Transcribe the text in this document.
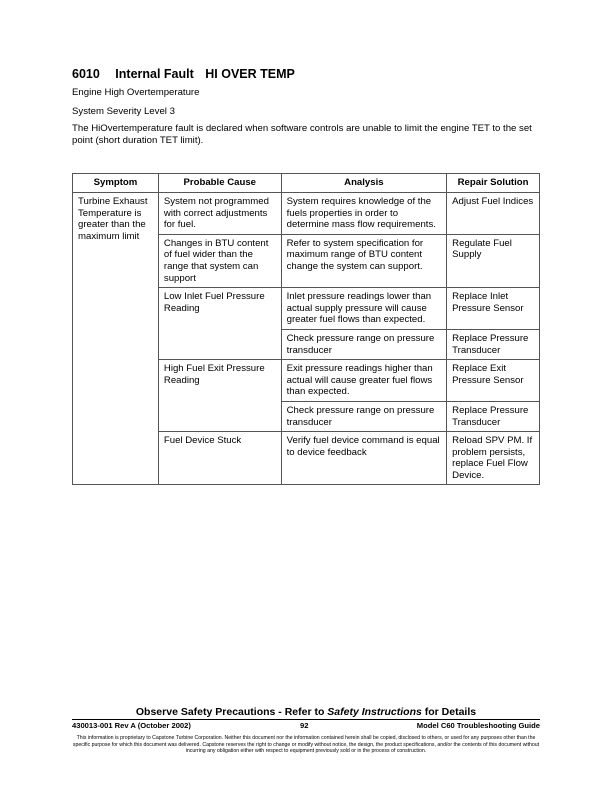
6010 Internal Fault HI OVER TEMP
Engine High Overtemperature
System Severity Level 3
The HiOvertemperature fault is declared when software controls are unable to limit the engine TET to the set point (short duration TET limit).
Symptom	Probable Cause	Analysis	Repair Solution
Turbine Exhaust Temperature is greater than the maximum limit	System not programmed with correct adjustments for fuel.	System requires knowledge of the fuels properties in order to determine mass flow requirements.	Adjust Fuel Indices
	Changes in BTU content of fuel wider than the range that system can support	Refer to system specification for maximum range of BTU content change the system can support.	Regulate Fuel Supply
	Low Inlet Fuel Pressure Reading	Inlet pressure readings lower than actual supply pressure will cause greater fuel flows than expected.	Replace Inlet Pressure Sensor
		Check pressure range on pressure transducer	Replace Pressure Transducer
	High Fuel Exit Pressure Reading	Exit pressure readings higher than actual will cause greater fuel flows than expected.	Replace Exit Pressure Sensor
		Check pressure range on pressure transducer	Replace Pressure Transducer
	Fuel Device Stuck	Verify fuel device command is equal to device feedback	Reload SPV PM. If problem persists, replace Fuel Flow Device.
Observe Safety Precautions - Refer to Safety Instructions for Details
430013-001 Rev A (October 2002)	92	Model C60 Troubleshooting Guide
This information is proprietary to Capstone Turbine Corporation. Neither this document nor the information contained herein shall be copied, disclosed to others, or used for any purposes other than the specific purpose for which this document was delivered. Capstone reserves the right to change or modify without notice, the design, the product specifications, and/or the contents of this document without incurring any obligation either with respect to equipment previously sold or in the process of construction.
